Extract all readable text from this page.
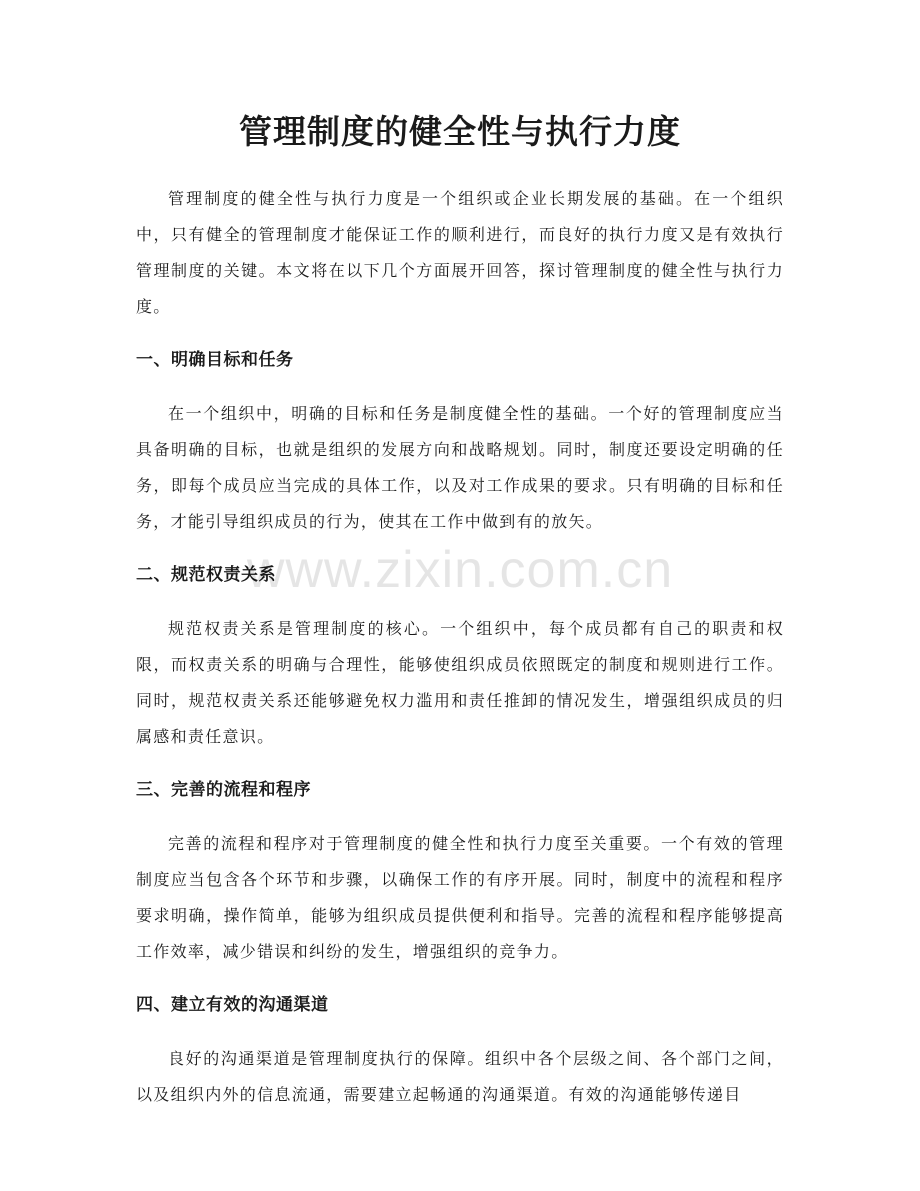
管理制度的健全性与执行力度

管理制度的健全性与执行力度是一个组织或企业长期发展的基础。在一个组织中，只有健全的管理制度才能保证工作的顺利进行，而良好的执行力度又是有效执行管理制度的关键。本文将在以下几个方面展开回答，探讨管理制度的健全性与执行力度。

一、明确目标和任务

在一个组织中，明确的目标和任务是制度健全性的基础。一个好的管理制度应当具备明确的目标，也就是组织的发展方向和战略规划。同时，制度还要设定明确的任务，即每个成员应当完成的具体工作，以及对工作成果的要求。只有明确的目标和任务，才能引导组织成员的行为，使其在工作中做到有的放矢。

二、规范权责关系

规范权责关系是管理制度的核心。一个组织中，每个成员都有自己的职责和权限，而权责关系的明确与合理性，能够使组织成员依照既定的制度和规则进行工作。同时，规范权责关系还能够避免权力滥用和责任推卸的情况发生，增强组织成员的归属感和责任意识。

三、完善的流程和程序

完善的流程和程序对于管理制度的健全性和执行力度至关重要。一个有效的管理制度应当包含各个环节和步骤，以确保工作的有序开展。同时，制度中的流程和程序要求明确，操作简单，能够为组织成员提供便利和指导。完善的流程和程序能够提高工作效率，减少错误和纠纷的发生，增强组织的竞争力。

四、建立有效的沟通渠道

良好的沟通渠道是管理制度执行的保障。组织中各个层级之间、各个部门之间，以及组织内外的信息流通，需要建立起畅通的沟通渠道。有效的沟通能够传递目

www.zixin.com.cn
